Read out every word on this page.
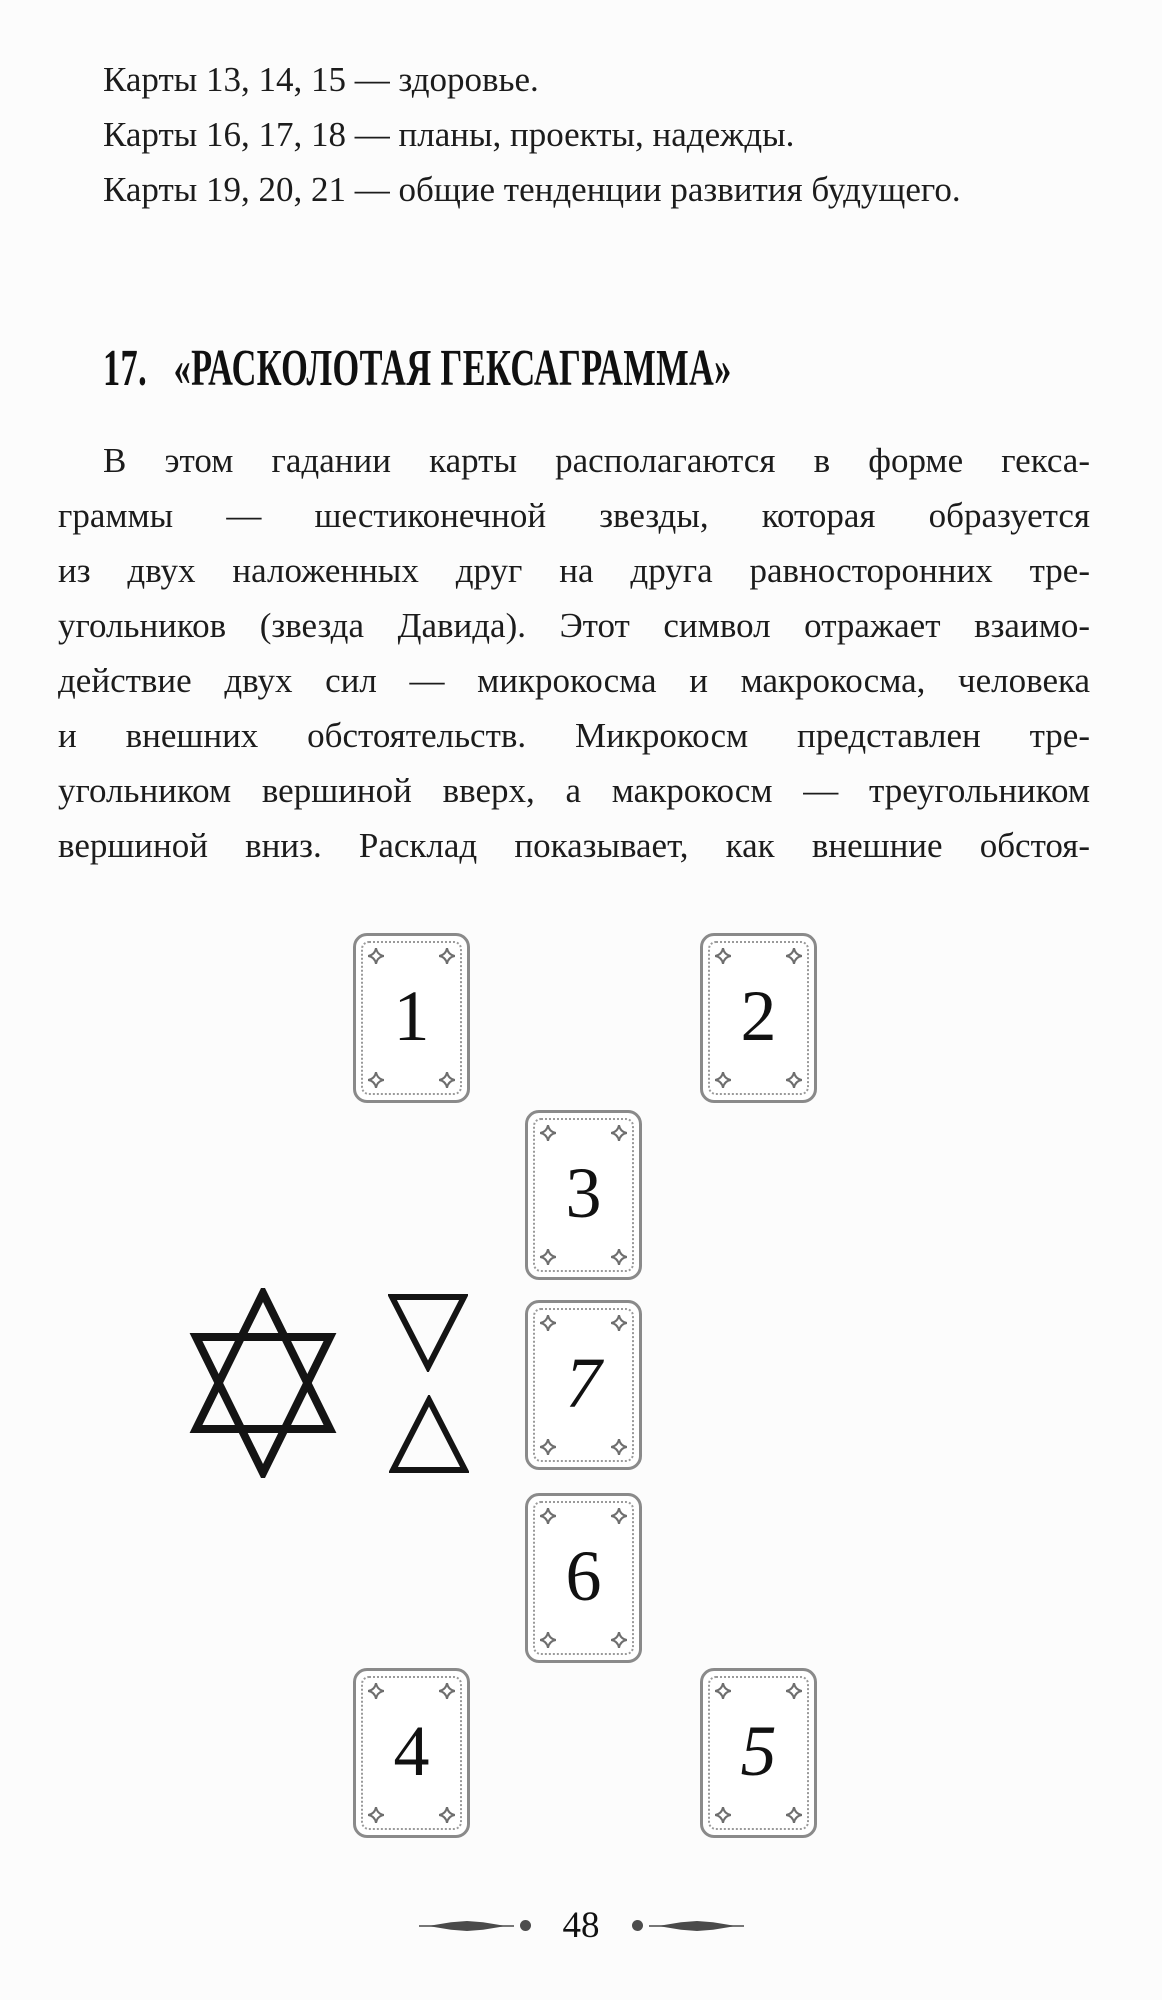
Карты 13, 14, 15 — здоровье.
Карты 16, 17, 18 — планы, проекты, надежды.
Карты 19, 20, 21 — общие тенденции развития будущего.
17. «РАСКОЛОТАЯ ГЕКСАГРАММА»
В этом гадании карты располагаются в форме гекса-
граммы — шестиконечной звезды, которая образуется
из двух наложенных друг на друга равносторонних тре-
угольников (звезда Давида). Этот символ отражает взаимо-
действие двух сил — микрокосма и макрокосма, человека
и внешних обстоятельств. Микрокосм представлен тре-
угольником вершиной вверх, а макрокосм — треугольником
вершиной вниз. Расклад показывает, как внешние обстоя-
1	2
3
7
6
4	5
48
